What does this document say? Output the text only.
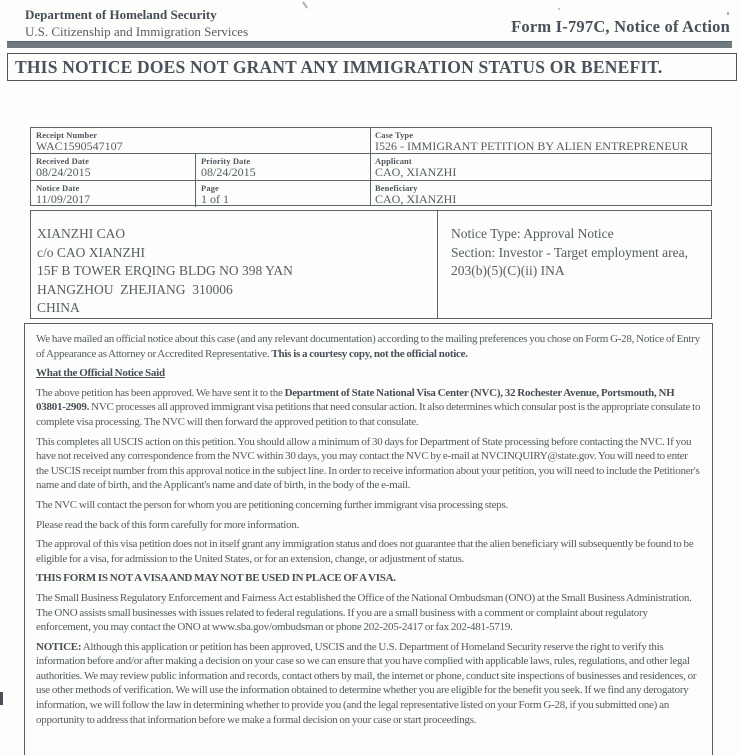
Department of Homeland Security
U.S. Citizenship and Immigration Services	Form I-797C, Notice of Action
THIS NOTICE DOES NOT GRANT ANY IMMIGRATION STATUS OR BENEFIT.
Receipt Number
WAC1590547107
Case Type
I526 - IMMIGRANT PETITION BY ALIEN ENTREPRENEUR
Received Date
08/24/2015
Priority Date
08/24/2015
Applicant
CAO, XIANZHI
Notice Date
11/09/2017
Page
1 of 1
Beneficiary
CAO, XIANZHI
XIANZHI CAO
c/o CAO XIANZHI
15F B TOWER ERQING BLDG NO 398 YAN
HANGZHOU  ZHEJIANG  310006
CHINA
Notice Type: Approval Notice
Section: Investor - Target employment area,
203(b)(5)(C)(ii) INA

We have mailed an official notice about this case (and any relevant documentation) according to the mailing preferences you chose on Form G-28, Notice of Entry of Appearance as Attorney or Accredited Representative. This is a courtesy copy, not the official notice.

What the Official Notice Said

The above petition has been approved. We have sent it to the Department of State National Visa Center (NVC), 32 Rochester Avenue, Portsmouth, NH 03801-2909. NVC processes all approved immigrant visa petitions that need consular action. It also determines which consular post is the appropriate consulate to complete visa processing. The NVC will then forward the approved petition to that consulate.

This completes all USCIS action on this petition. You should allow a minimum of 30 days for Department of State processing before contacting the NVC. If you have not received any correspondence from the NVC within 30 days, you may contact the NVC by e-mail at NVCINQUIRY@state.gov. You will need to enter the USCIS receipt number from this approval notice in the subject line. In order to receive information about your petition, you will need to include the Petitioner's name and date of birth, and the Applicant's name and date of birth, in the body of the e-mail.

The NVC will contact the person for whom you are petitioning concerning further immigrant visa processing steps.

Please read the back of this form carefully for more information.

The approval of this visa petition does not in itself grant any immigration status and does not guarantee that the alien beneficiary will subsequently be found to be eligible for a visa, for admission to the United States, or for an extension, change, or adjustment of status.

THIS FORM IS NOT A VISA AND MAY NOT BE USED IN PLACE OF A VISA.

The Small Business Regulatory Enforcement and Fairness Act established the Office of the National Ombudsman (ONO) at the Small Business Administration. The ONO assists small businesses with issues related to federal regulations. If you are a small business with a comment or complaint about regulatory enforcement, you may contact the ONO at www.sba.gov/ombudsman or phone 202-205-2417 or fax 202-481-5719.

NOTICE: Although this application or petition has been approved, USCIS and the U.S. Department of Homeland Security reserve the right to verify this information before and/or after making a decision on your case so we can ensure that you have complied with applicable laws, rules, regulations, and other legal authorities. We may review public information and records, contact others by mail, the internet or phone, conduct site inspections of businesses and residences, or use other methods of verification. We will use the information obtained to determine whether you are eligible for the benefit you seek. If we find any derogatory information, we will follow the law in determining whether to provide you (and the legal representative listed on your Form G-28, if you submitted one) an opportunity to address that information before we make a formal decision on your case or start proceedings.
